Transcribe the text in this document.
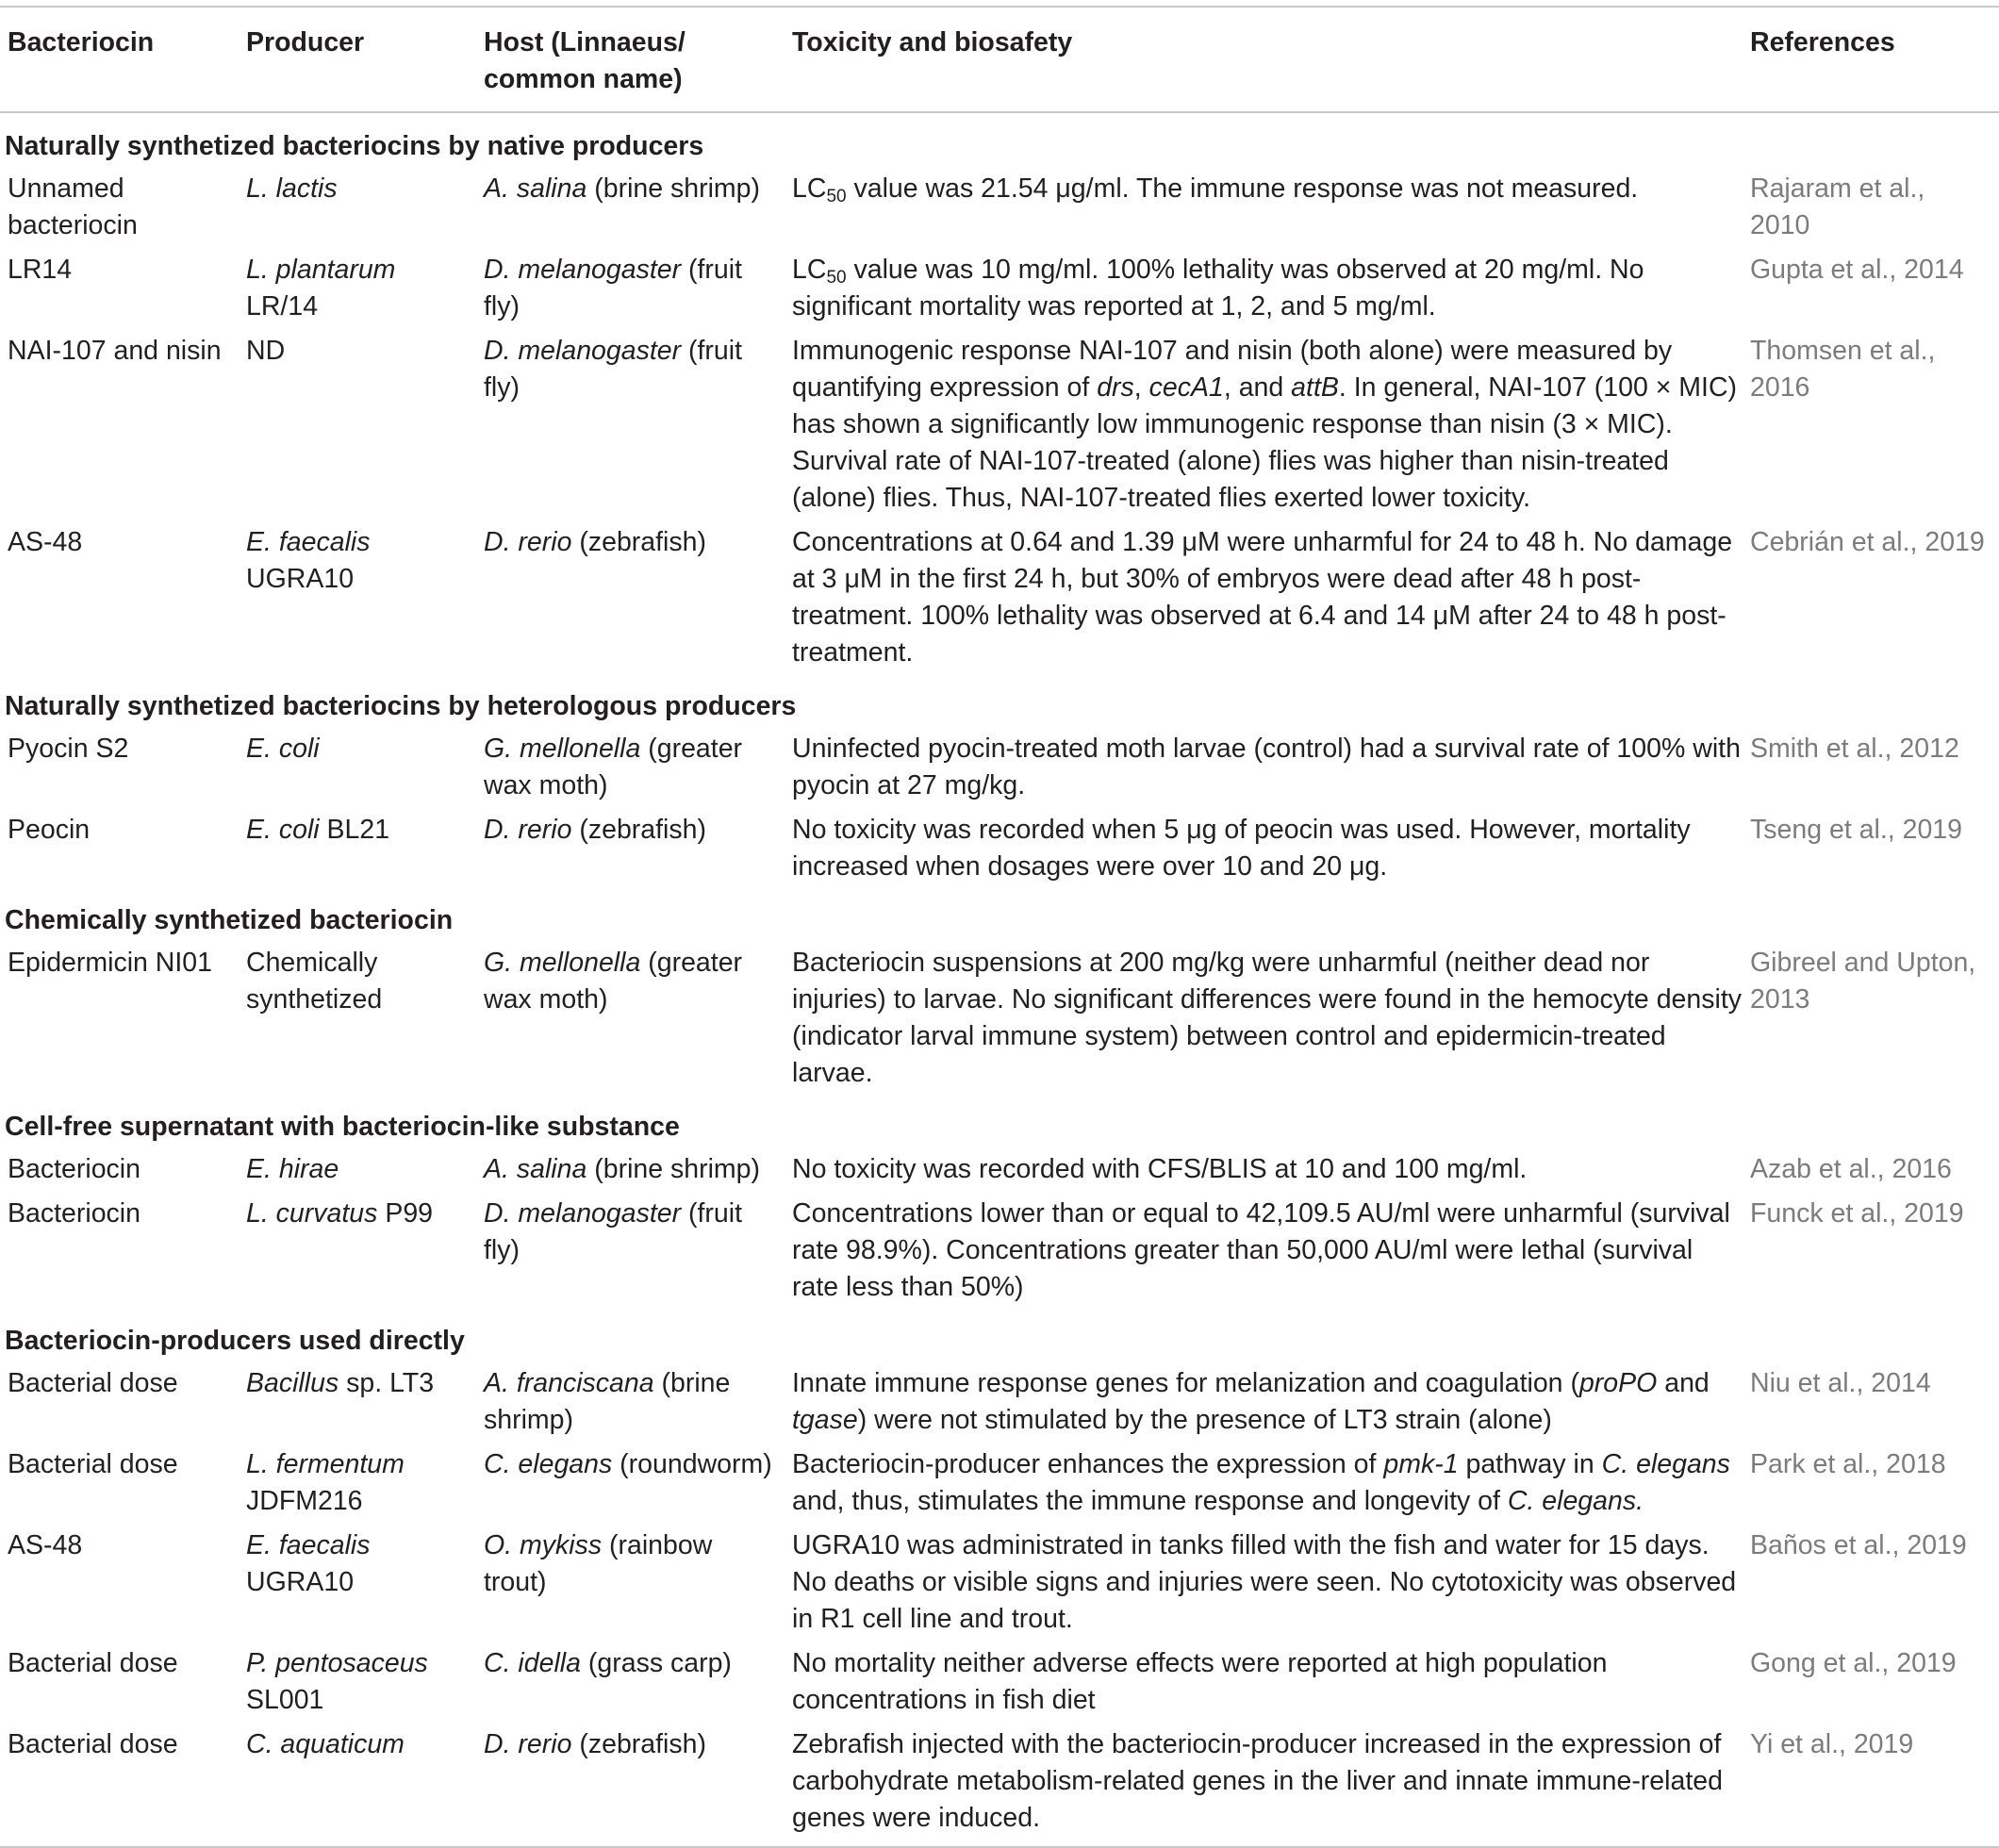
Bacteriocin	Producer	Host (Linnaeus/ common name)	Toxicity and biosafety	References
Naturally synthetized bacteriocins by native producers				
Unnamed bacteriocin	L. lactis	A. salina (brine shrimp)	$LC_{50}$ value was 21.54 μg/ml. The immune response was not measured.	Rajaram et al., 2010
LR14	L. plantarum LR/14	D. melanogaster (fruit fly)	$LC_{50}$ value was 10 mg/ml. 100% lethality was observed at 20 mg/ml. No significant mortality was reported at 1, 2, and 5 mg/ml.	Gupta et al., 2014
NAI-107 and nisin	ND	D. melanogaster (fruit fly)	Immunogenic response NAI-107 and nisin (both alone) were measured by quantifying expression of drs, cecA1, and attB. In general, NAI-107 (100 × MIC) has shown a significantly low immunogenic response than nisin (3 × MIC). Survival rate of NAI-107-treated (alone) flies was higher than nisin-treated (alone) flies. Thus, NAI-107-treated flies exerted lower toxicity.	Thomsen et al., 2016
AS-48	E. faecalis UGRA10	D. rerio (zebrafish)	Concentrations at 0.64 and 1.39 μM were unharmful for 24 to 48 h. No damage at 3 μM in the first 24 h, but 30% of embryos were dead after 48 h post-treatment. 100% lethality was observed at 6.4 and 14 μM after 24 to 48 h post-treatment.	Cebrián et al., 2019
Naturally synthetized bacteriocins by heterologous producers				
Pyocin S2	E. coli	G. mellonella (greater wax moth)	Uninfected pyocin-treated moth larvae (control) had a survival rate of 100% with pyocin at 27 mg/kg.	Smith et al., 2012
Peocin	E. coli BL21	D. rerio (zebrafish)	No toxicity was recorded when 5 μg of peocin was used. However, mortality increased when dosages were over 10 and 20 μg.	Tseng et al., 2019
Chemically synthetized bacteriocin				
Epidermicin NI01	Chemically synthetized	G. mellonella (greater wax moth)	Bacteriocin suspensions at 200 mg/kg were unharmful (neither dead nor injuries) to larvae. No significant differences were found in the hemocyte density (indicator larval immune system) between control and epidermicin-treated larvae.	Gibreel and Upton, 2013
Cell-free supernatant with bacteriocin-like substance				
Bacteriocin	E. hirae	A. salina (brine shrimp)	No toxicity was recorded with CFS/BLIS at 10 and 100 mg/ml.	Azab et al., 2016
Bacteriocin	L. curvatus P99	D. melanogaster (fruit fly)	Concentrations lower than or equal to 42,109.5 AU/ml were unharmful (survival rate 98.9%). Concentrations greater than 50,000 AU/ml were lethal (survival rate less than 50%)	Funck et al., 2019
Bacteriocin-producers used directly				
Bacterial dose	Bacillus sp. LT3	A. franciscana (brine shrimp)	Innate immune response genes for melanization and coagulation (proPO and tgase) were not stimulated by the presence of LT3 strain (alone)	Niu et al., 2014
Bacterial dose	L. fermentum JDFM216	C. elegans (roundworm)	Bacteriocin-producer enhances the expression of pmk-1 pathway in C. elegans and, thus, stimulates the immune response and longevity of C. elegans.	Park et al., 2018
AS-48	E. faecalis UGRA10	O. mykiss (rainbow trout)	UGRA10 was administrated in tanks filled with the fish and water for 15 days. No deaths or visible signs and injuries were seen. No cytotoxicity was observed in R1 cell line and trout.	Baños et al., 2019
Bacterial dose	P. pentosaceus SL001	C. idella (grass carp)	No mortality neither adverse effects were reported at high population concentrations in fish diet	Gong et al., 2019
Bacterial dose	C. aquaticum	D. rerio (zebrafish)	Zebrafish injected with the bacteriocin-producer increased in the expression of carbohydrate metabolism-related genes in the liver and innate immune-related genes were induced.	Yi et al., 2019
